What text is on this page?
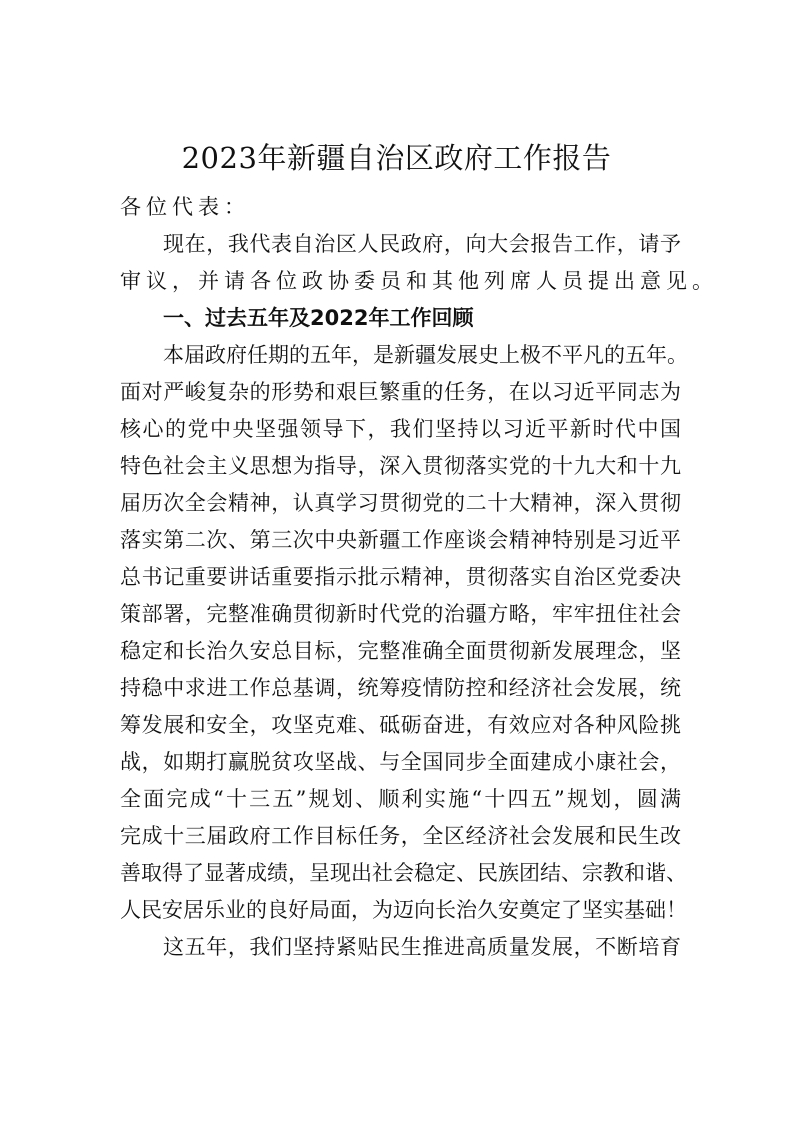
2023年新疆自治区政府工作报告
各位代表：
现在，我代表自治区人民政府，向大会报告工作，请予
审议，并请各位政协委员和其他列席人员提出意见。
一、过去五年及2022年工作回顾
本届政府任期的五年，是新疆发展史上极不平凡的五年。
面对严峻复杂的形势和艰巨繁重的任务，在以习近平同志为
核心的党中央坚强领导下，我们坚持以习近平新时代中国
特色社会主义思想为指导，深入贯彻落实党的十九大和十九
届历次全会精神，认真学习贯彻党的二十大精神，深入贯彻
落实第二次、第三次中央新疆工作座谈会精神特别是习近平
总书记重要讲话重要指示批示精神，贯彻落实自治区党委决
策部署，完整准确贯彻新时代党的治疆方略，牢牢扭住社会
稳定和长治久安总目标，完整准确全面贯彻新发展理念，坚
持稳中求进工作总基调，统筹疫情防控和经济社会发展，统
筹发展和安全，攻坚克难、砥砺奋进，有效应对各种风险挑
战，如期打赢脱贫攻坚战、与全国同步全面建成小康社会，
全面完成“十三五”规划、顺利实施“十四五”规划，圆满
完成十三届政府工作目标任务，全区经济社会发展和民生改
善取得了显著成绩，呈现出社会稳定、民族团结、宗教和谐、
人民安居乐业的良好局面，为迈向长治久安奠定了坚实基础！
这五年，我们坚持紧贴民生推进高质量发展，不断培育
